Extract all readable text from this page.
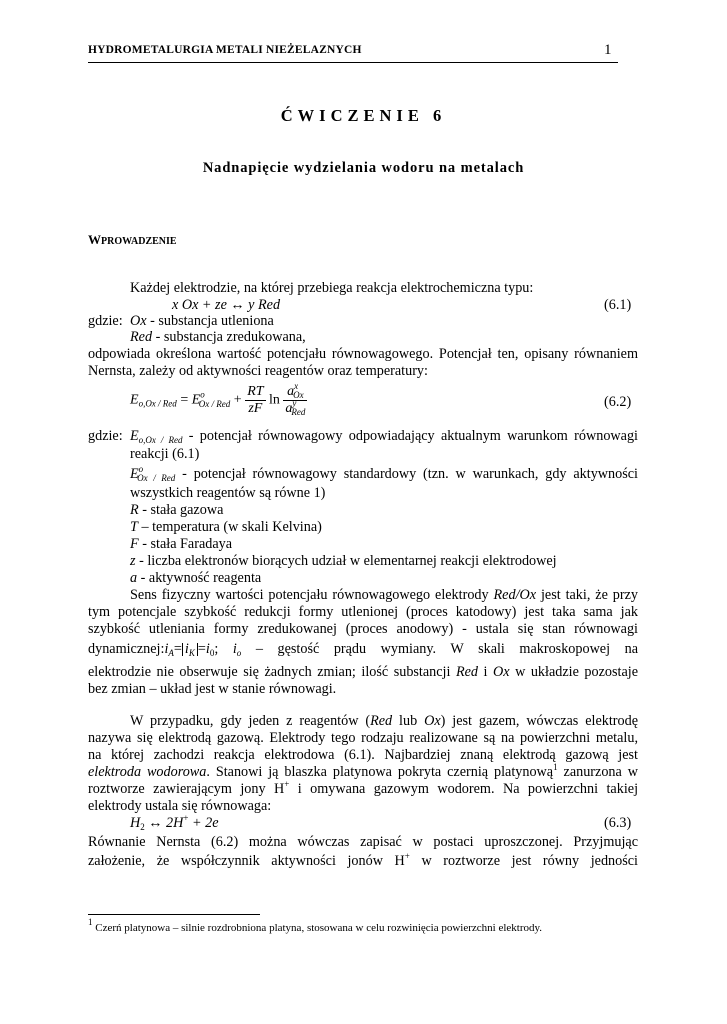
HYDROMETALURGIA METALI NIEŻELAZNYCH	1
ĆWICZENIE 6
Nadnapięcie wydzielania wodoru na metalach
WPROWADZENIE
Każdej elektrodzie, na której przebiega reakcja elektrochemiczna typu:
x Ox + ze ↔ y Red	(6.1)
gdzie: Ox - substancja utleniona
Red - substancja zredukowana,
odpowiada określona wartość potencjału równowagowego. Potencjał ten, opisany równaniem
Nernsta, zależy od aktywności reagentów oraz temperatury:
$E_{o,Ox / Red} = E^o_{Ox / Red} + \frac{RT}{zF}$ $\ln \frac{a^x_{Ox}}{a^y_{Red}}$	(6.2)
gdzie: $E_{o,Ox / Red}$ - potencjał równowagowy odpowiadający aktualnym warunkom równowagi
reakcji (6.1)
$E^o_{Ox / Red}$ - potencjał równowagowy standardowy (tzn. w warunkach, gdy aktywności
wszystkich reagentów są równe 1)
R - stała gazowa
T – temperatura (w skali Kelvina)
F - stała Faradaya
z - liczba elektronów biorących udział w elementarnej reakcji elektrodowej
a - aktywność reagenta
Sens fizyczny wartości potencjału równowagowego elektrody Red/Ox jest taki, że przy
tym potencjale szybkość redukcji formy utlenionej (proces katodowy) jest taka sama jak
szybkość utleniania formy zredukowanej (proces anodowy) - ustala się stan równowagi
$dynamicznej:i_A= i_K =i_0$; $i_o$ – gęstość prądu wymiany. W skali makroskopowej na
elektrodzie nie obserwuje się żadnych zmian; ilość substancji Red i Ox w układzie pozostaje
bez zmian – układ jest w stanie równowagi.
W przypadku, gdy jeden z reagentów (Red lub Ox) jest gazem, wówczas elektrodę
nazywa się elektrodą gazową. Elektrody tego rodzaju realizowane są na powierzchni metalu,
na której zachodzi reakcja elektrodowa (6.1). Najbardziej znaną elektrodą gazową jest
elektroda wodorowa. Stanowi ją blaszka platynowa pokryta czernią platynową$^1$ zanurzona w
roztworze zawierającym jony H+ i omywana gazowym wodorem. Na powierzchni takiej
elektrody ustala się równowaga:
$H_2$ ↔ 2H+ + 2e	(6.3)
Równanie Nernsta (6.2) można wówczas zapisać w postaci uproszczonej. Przyjmując
założenie, że współczynnik aktywności jonów H+ w roztworze jest równy jedności
$^1$ Czerń platynowa – silnie rozdrobniona platyna, stosowana w celu rozwinięcia powierzchni elektrody.
